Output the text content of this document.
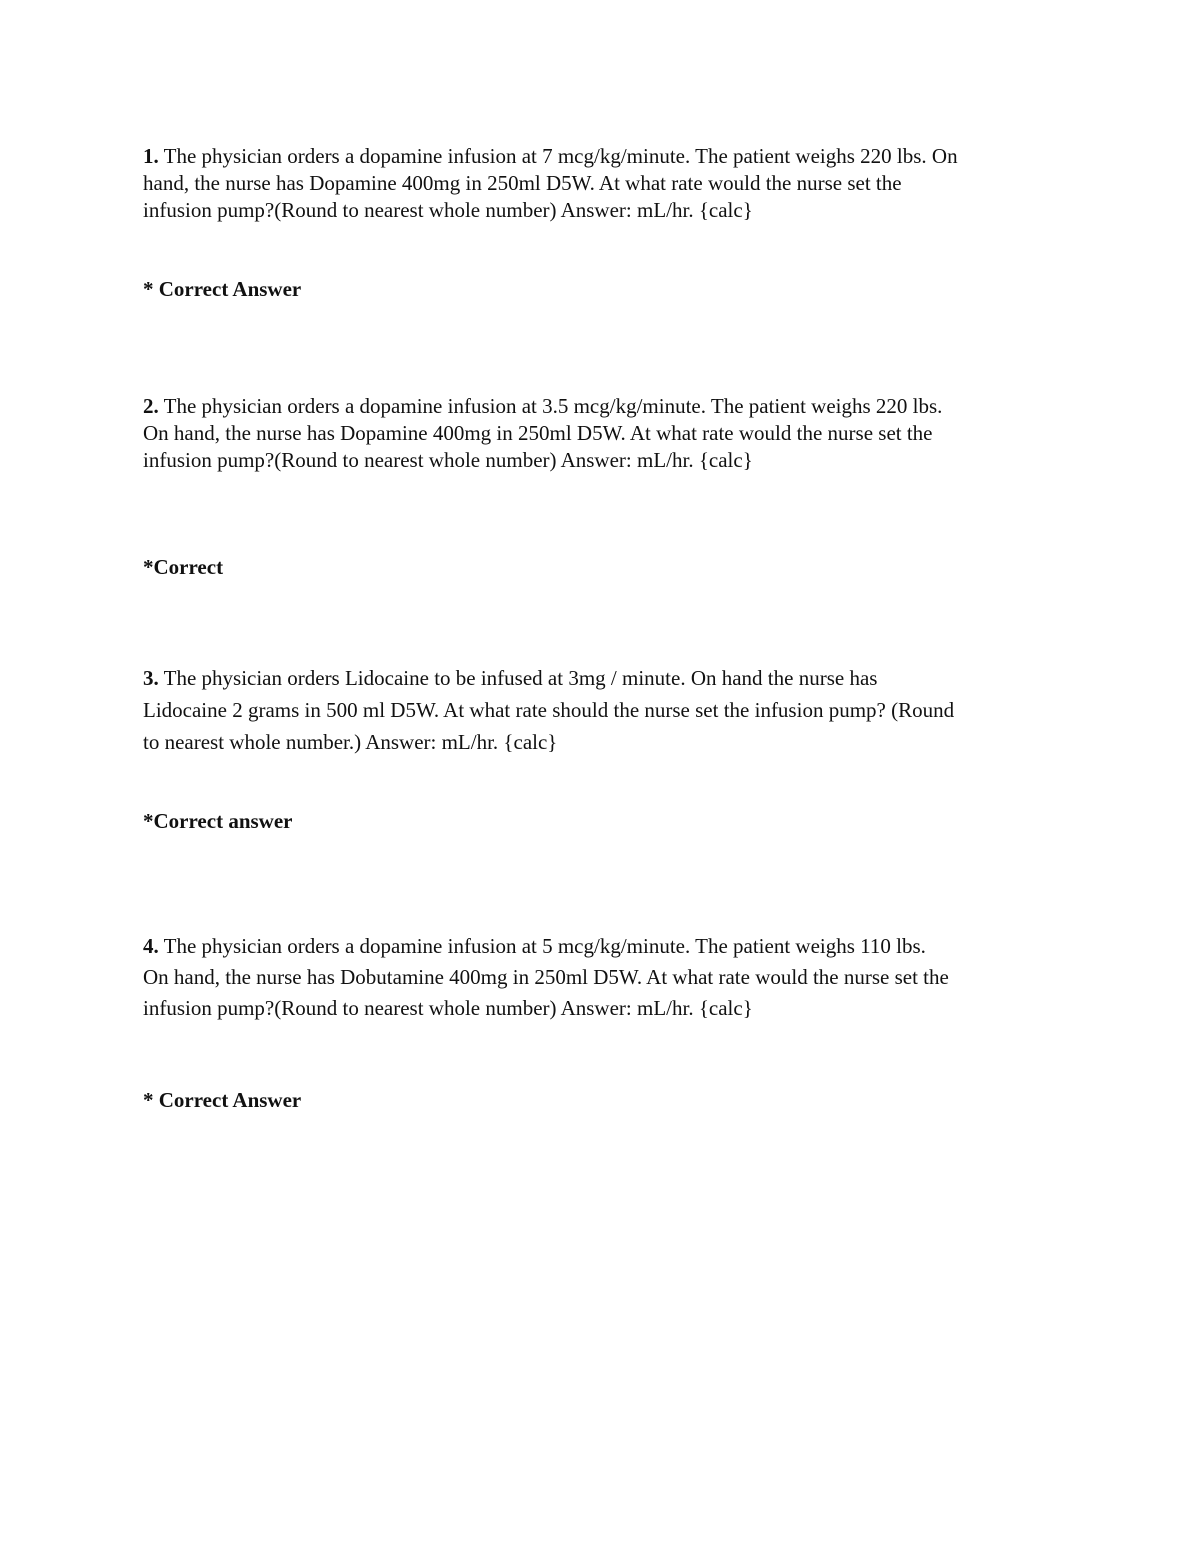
1. The physician orders a dopamine infusion at 7 mcg/kg/minute. The patient weighs 220 lbs. On
hand, the nurse has Dopamine 400mg in 250ml D5W. At what rate would the nurse set the
infusion pump?(Round to nearest whole number) Answer: mL/hr. {calc}
* Correct Answer
2. The physician orders a dopamine infusion at 3.5 mcg/kg/minute. The patient weighs 220 lbs.
On hand, the nurse has Dopamine 400mg in 250ml D5W. At what rate would the nurse set the
infusion pump?(Round to nearest whole number) Answer: mL/hr. {calc}
*Correct
3. The physician orders Lidocaine to be infused at 3mg / minute. On hand the nurse has
Lidocaine 2 grams in 500 ml D5W. At what rate should the nurse set the infusion pump? (Round
to nearest whole number.) Answer: mL/hr. {calc}
*Correct answer
4. The physician orders a dopamine infusion at 5 mcg/kg/minute. The patient weighs 110 lbs.
On hand, the nurse has Dobutamine 400mg in 250ml D5W. At what rate would the nurse set the
infusion pump?(Round to nearest whole number) Answer: mL/hr. {calc}
* Correct Answer
